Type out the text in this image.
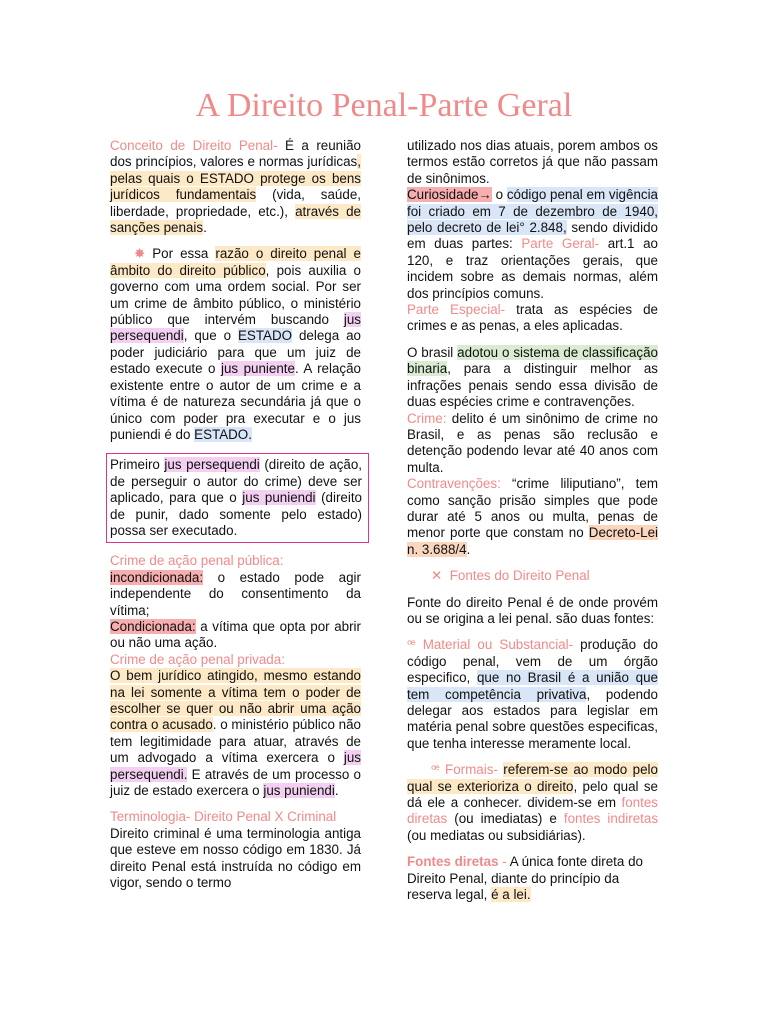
A Direito Penal-Parte Geral

Conceito de Direito Penal- É a reunião dos princípios, valores e normas jurídicas, pelas quais o ESTADO protege os bens jurídicos fundamentais (vida, saúde, liberdade, propriedade, etc.), através de sanções penais.

✸ Por essa razão o direito penal e âmbito do direito público, pois auxilia o governo com uma ordem social. Por ser um crime de âmbito público, o ministério público que intervém buscando jus persequendi, que o ESTADO delega ao poder judiciário para que um juiz de estado execute o jus puniente. A relação existente entre o autor de um crime e a vítima é de natureza secundária já que o único com poder pra executar e o jus puniendi é do ESTADO.

Primeiro jus persequendi (direito de ação, de perseguir o autor do crime) deve ser aplicado, para que o jus puniendi (direito de punir, dado somente pelo estado) possa ser executado.

Crime de ação penal pública:
incondicionada: o estado pode agir independente do consentimento da vítima;
Condicionada: a vítima que opta por abrir ou não uma ação.

Crime de ação penal privada:
O bem jurídico atingido, mesmo estando na lei somente a vítima tem o poder de escolher se quer ou não abrir uma ação contra o acusado. o ministério público não tem legitimidade para atuar, através de um advogado a vítima exercera o jus persequendi. E através de um processo o juiz de estado exercera o jus puniendi.

Terminologia- Direito Penal X Criminal
Direito criminal é uma terminologia antiga que esteve em nosso código em 1830. Já direito Penal está instruída no código em vigor, sendo o termo

utilizado nos dias atuais, porem ambos os termos estão corretos já que não passam de sinônimos.
Curiosidade→ o código penal em vigência foi criado em 7 de dezembro de 1940, pelo decreto de lei° 2.848, sendo dividido em duas partes: Parte Geral- art.1 ao 120, e traz orientações gerais, que incidem sobre as demais normas, além dos princípios comuns.
Parte Especial- trata as espécies de crimes e as penas, a eles aplicadas.

O brasil adotou o sistema de classificação binaria, para a distinguir melhor as infrações penais sendo essa divisão de duas espécies crime e contravenções.
Crime: delito é um sinônimo de crime no Brasil, e as penas são reclusão e detenção podendo levar até 40 anos com multa.
Contravenções: “crime liliputiano”, tem como sanção prisão simples que pode durar até 5 anos ou multa, penas de menor porte que constam no Decreto-Lei n. 3.688/4.

✕ Fontes do Direito Penal

Fonte do direito Penal é de onde provém ou se origina a lei penal. são duas fontes:

ꟹ Material ou Substancial- produção do código penal, vem de um órgão especifico, que no Brasil é a união que tem competência privativa, podendo delegar aos estados para legislar em matéria penal sobre questões especificas, que tenha interesse meramente local.

ꟹ Formais- referem-se ao modo pelo qual se exterioriza o direito, pelo qual se dá ele a conhecer. dividem-se em fontes diretas (ou imediatas) e fontes indiretas (ou mediatas ou subsidiárias).

Fontes diretas - A única fonte direta do Direito Penal, diante do princípio da reserva legal, é a lei.
